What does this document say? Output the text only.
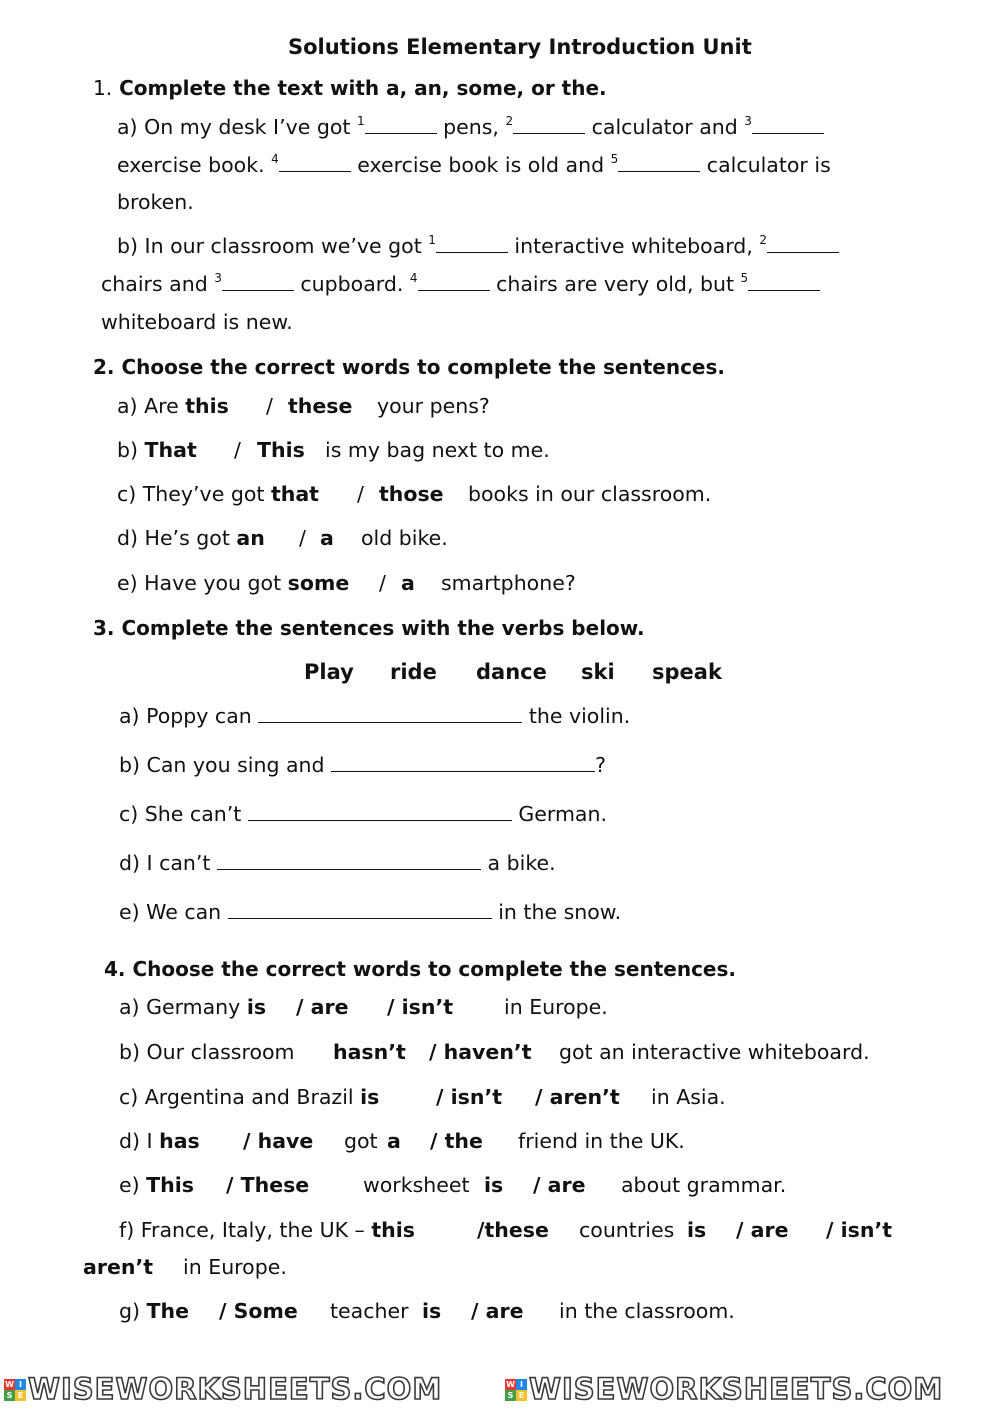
Solutions Elementary Introduction Unit
1. Complete the text with a, an, some, or the.
a) On my desk I’ve got $^1$	pens, $^2$	calculator and $^3$
exercise book. $^4$	exercise book is old and $^5$	calculator is
broken.
b) In our classroom we’ve got $^1$	interactive whiteboard, $^2$
chairs and $^3$	cupboard. $^4$	chairs are very old, but $^5$
whiteboard is new.
2. Choose the correct words to complete the sentences.
a) Are this / these your pens?
b) That / This is my bag next to me.
c) They’ve got that / those books in our classroom.
d) He’s got an / a old bike.
e) Have you got some / a smartphone?
3. Complete the sentences with the verbs below.
Play ride dance ski speak
a) Poppy can	the violin.
b) Can you sing and	?
c) She can’t	German.
d) I can’t	a bike.
e) We can	in the snow.
4. Choose the correct words to complete the sentences.
a) Germany is / are / isn’t in Europe.
b) Our classroom hasn’t / haven’t got an interactive whiteboard.
c) Argentina and Brazil is	/ isn’t / aren’t in Asia.
d) I has / have got a / the friend in the UK.
e) This / These	worksheet is / are about grammar.
f) France, Italy, the UK – this	/these countries is / are / isn’t
aren’t in Europe.
g) The / Some teacher is / are in the classroom.
W I
S E WISEWORKSHEETS.COM	W I
S E WISEWORKSHEETS.COM
